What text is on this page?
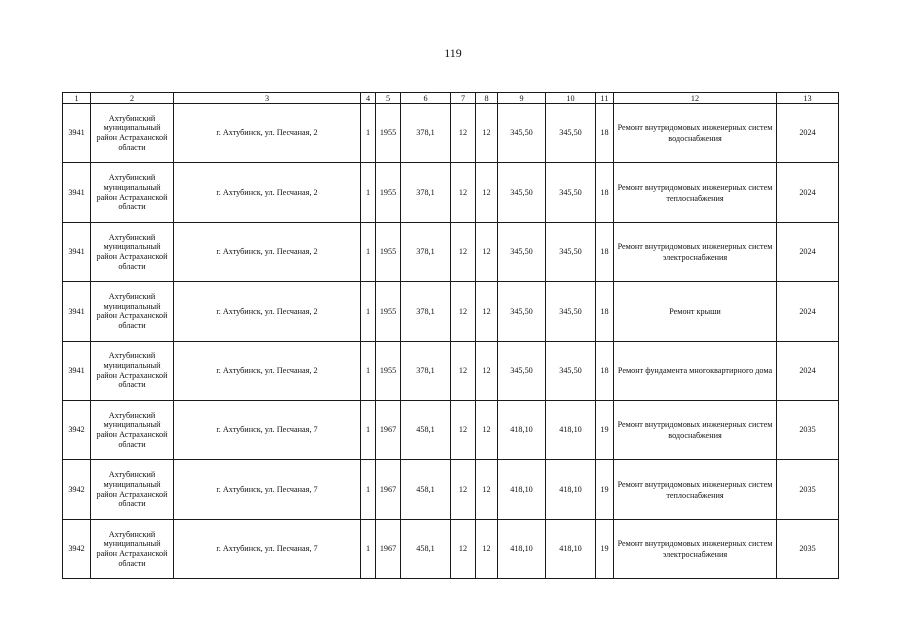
119
1	2	3	4	5	6	7	8	9	10	11	12	13
3941	Ахтубинский муниципальный район Астраханской области	г. Ахтубинск, ул. Песчаная, 2	1	1955	378,1	12	12	345,50	345,50	18	Ремонт внутридомовых инженерных систем водоснабжения	2024
3941	Ахтубинский муниципальный район Астраханской области	г. Ахтубинск, ул. Песчаная, 2	1	1955	378,1	12	12	345,50	345,50	18	Ремонт внутридомовых инженерных систем теплоснабжения	2024
3941	Ахтубинский муниципальный район Астраханской области	г. Ахтубинск, ул. Песчаная, 2	1	1955	378,1	12	12	345,50	345,50	18	Ремонт внутридомовых инженерных систем электроснабжения	2024
3941	Ахтубинский муниципальный район Астраханской области	г. Ахтубинск, ул. Песчаная, 2	1	1955	378,1	12	12	345,50	345,50	18	Ремонт крыши	2024
3941	Ахтубинский муниципальный район Астраханской области	г. Ахтубинск, ул. Песчаная, 2	1	1955	378,1	12	12	345,50	345,50	18	Ремонт фундамента многоквартирного дома	2024
3942	Ахтубинский муниципальный район Астраханской области	г. Ахтубинск, ул. Песчаная, 7	1	1967	458,1	12	12	418,10	418,10	19	Ремонт внутридомовых инженерных систем водоснабжения	2035
3942	Ахтубинский муниципальный район Астраханской области	г. Ахтубинск, ул. Песчаная, 7	1	1967	458,1	12	12	418,10	418,10	19	Ремонт внутридомовых инженерных систем теплоснабжения	2035
3942	Ахтубинский муниципальный район Астраханской области	г. Ахтубинск, ул. Песчаная, 7	1	1967	458,1	12	12	418,10	418,10	19	Ремонт внутридомовых инженерных систем электроснабжения	2035
